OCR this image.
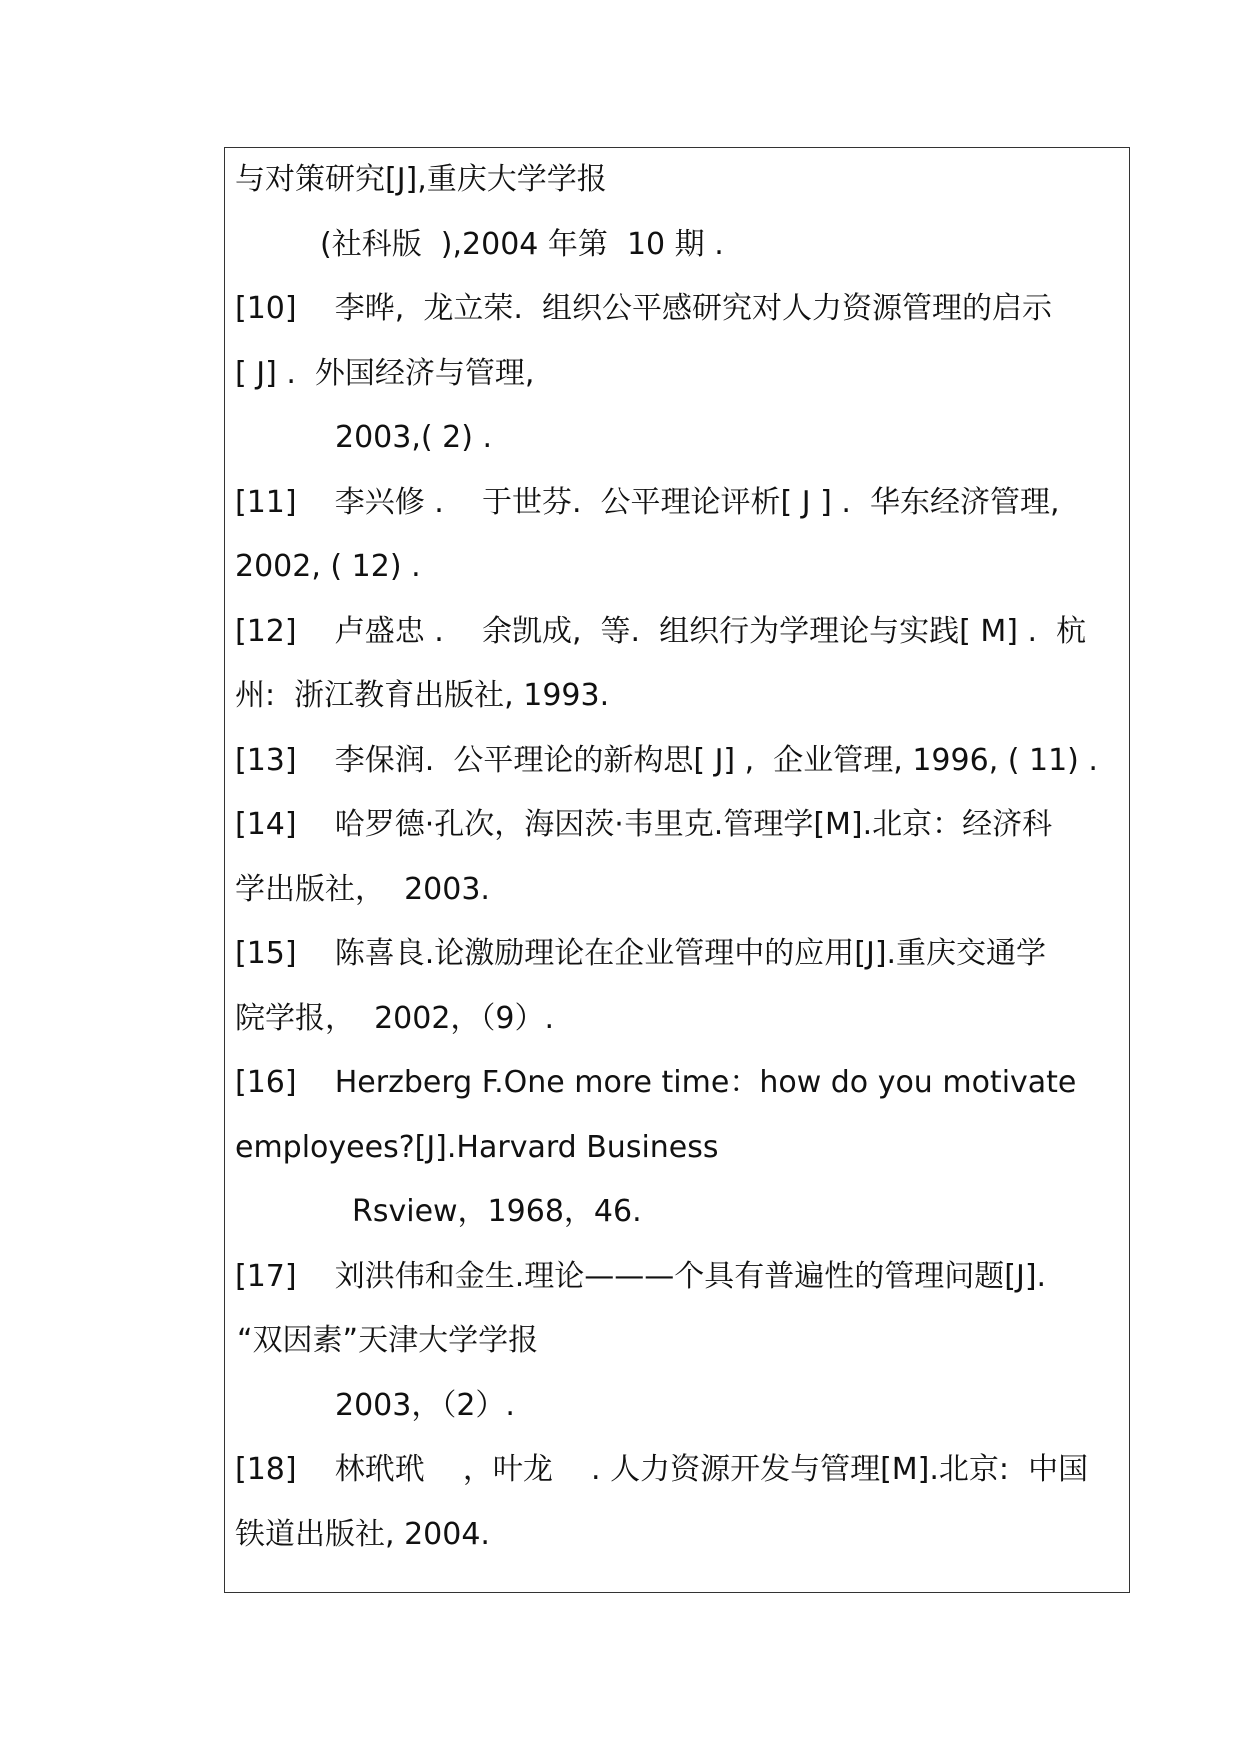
与对策研究[J],重庆大学学报
(社科版  ),2004 年第  10 期 .
[10]    李晔,  龙立荣.  组织公平感研究对人力资源管理的启示
[ J] .  外国经济与管理,
2003,( 2) .
[11]    李兴修 .    于世芬.  公平理论评析[ J ] .  华东经济管理,
2002, ( 12) .
[12]    卢盛忠 .    余凯成,  等.  组织行为学理论与实践[ M] .  杭
州:  浙江教育出版社, 1993.
[13]    李保润.  公平理论的新构思[ J] ,  企业管理, 1996, ( 11) .
[14]    哈罗德·孔次，海因茨·韦里克.管理学[M].北京：经济科
学出版社，  2003.
[15]    陈喜良.论激励理论在企业管理中的应用[J].重庆交通学
院学报，  2002，（9）.
[16]    Herzberg F.One more time：how do you motivate
employees?[J].Harvard Business
Rsview，1968，46.
[17]    刘洪伟和金生.理论———个具有普遍性的管理问题[J].
“双因素”天津大学学报
2003，（2）.
[18]    林玳玳    ，叶龙    . 人力资源开发与管理[M].北京:  中国
铁道出版社, 2004.
